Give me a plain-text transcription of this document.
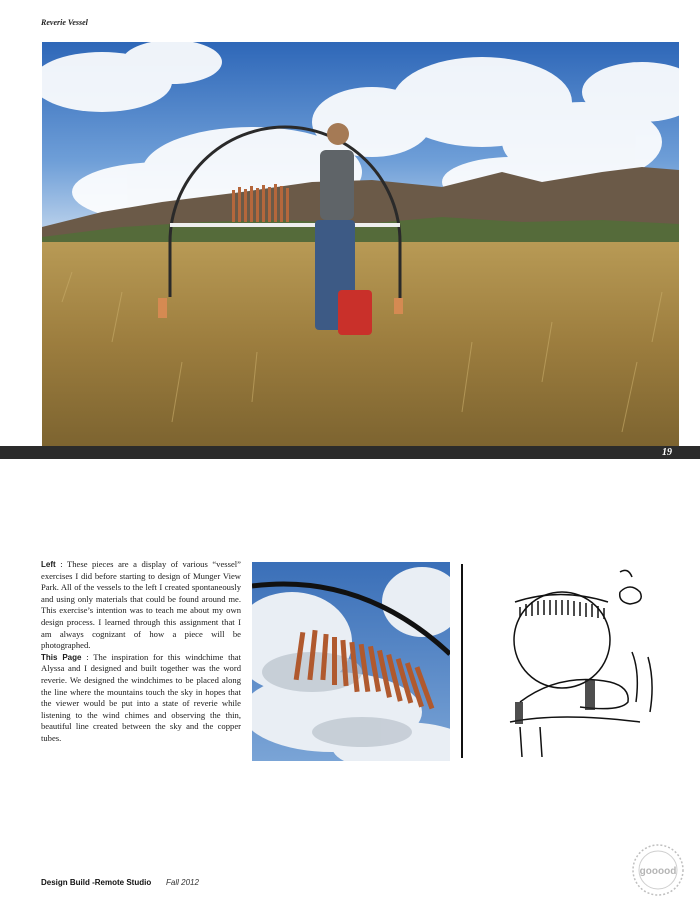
Reverie Vessel
19

Left : These pieces are a display of various “vessel” exercises I did before starting to design of Munger View Park. All of the vessels to the left I created spontaneously and using only materials that could be found around me. This exercise’s intention was to teach me about my own design process. I learned through this assignment that I am always cognizant of how a piece will be photographed.

This Page : The inspiration for this windchime that Alyssa and I designed and built together was the word reverie. We designed the windchimes to be placed along the line where the mountains touch the sky in hopes that the viewer would be put into a state of reverie while listening to the wind chimes and observing the thin, beautiful line created between the sky and the copper tubes.

Design Build -Remote Studio Fall 2012
gooood
